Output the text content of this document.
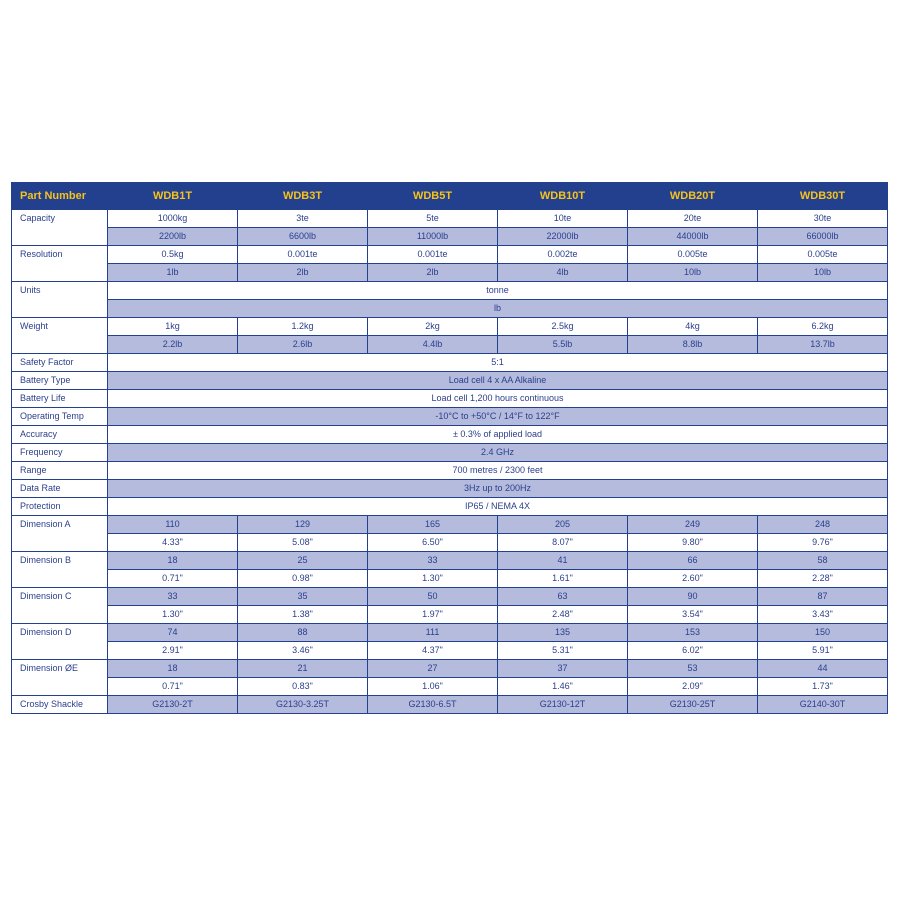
Part Number	WDB1T	WDB3T	WDB5T	WDB10T	WDB20T	WDB30T
Capacity	1000kg	3te	5te	10te	20te	30te
	2200lb	6600lb	11000lb	22000lb	44000lb	66000lb
Resolution	0.5kg	0.001te	0.001te	0.002te	0.005te	0.005te
	1lb	2lb	2lb	4lb	10lb	10lb
Units	tonne					
	lb					
Weight	1kg	1.2kg	2kg	2.5kg	4kg	6.2kg
	2.2lb	2.6lb	4.4lb	5.5lb	8.8lb	13.7lb
Safety Factor	5:1					
Battery Type	Load cell 4 x AA Alkaline					
Battery Life	Load cell 1,200 hours continuous					
Operating Temp	-10°C to +50°C / 14°F to 122°F					
Accuracy	± 0.3% of applied load					
Frequency	2.4 GHz					
Range	700 metres / 2300 feet					
Data Rate	3Hz up to 200Hz					
Protection	IP65 / NEMA 4X					
Dimension A	110	129	165	205	249	248
	4.33"	5.08"	6.50"	8.07"	9.80"	9.76"
Dimension B	18	25	33	41	66	58
	0.71"	0.98"	1.30"	1.61"	2.60"	2.28"
Dimension C	33	35	50	63	90	87
	1.30"	1.38"	1.97"	2.48"	3.54"	3.43"
Dimension D	74	88	111	135	153	150
	2.91"	3.46"	4.37"	5.31"	6.02"	5.91"
Dimension ØE	18	21	27	37	53	44
	0.71"	0.83"	1.06"	1.46"	2.09"	1.73"
Crosby Shackle	G2130-2T	G2130-3.25T	G2130-6.5T	G2130-12T	G2130-25T	G2140-30T
